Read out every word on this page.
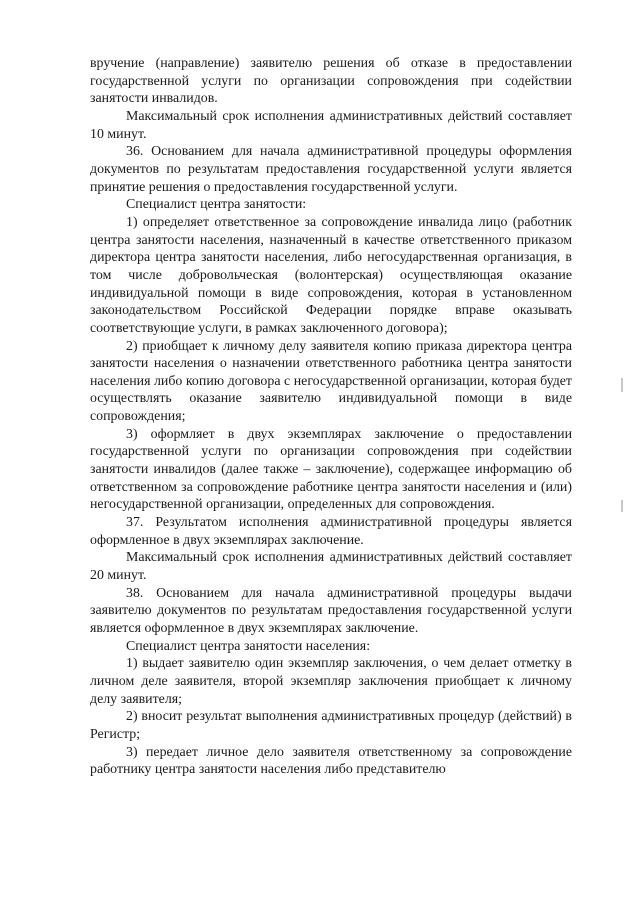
вручение (направление) заявителю решения об отказе в предоставлении государственной услуги по организации сопровождения при содействии занятости инвалидов.

Максимальный срок исполнения административных действий составляет 10 минут.

36. Основанием для начала административной процедуры оформления документов по результатам предоставления государственной услуги является принятие решения о предоставления государственной услуги.

Специалист центра занятости:

1) определяет ответственное за сопровождение инвалида лицо (работник центра занятости населения, назначенный в качестве ответственного приказом директора центра занятости населения, либо негосударственная организация, в том числе добровольческая (волонтерская) осуществляющая оказание индивидуальной помощи в виде сопровождения, которая в установленном законодательством Российской Федерации порядке вправе оказывать соответствующие услуги, в рамках заключенного договора);

2) приобщает к личному делу заявителя копию приказа директора центра занятости населения о назначении ответственного работника центра занятости населения либо копию договора с негосударственной организации, которая будет осуществлять оказание заявителю индивидуальной помощи в виде сопровождения;

3) оформляет в двух экземплярах заключение о предоставлении государственной услуги по организации сопровождения при содействии занятости инвалидов (далее также – заключение), содержащее информацию об ответственном за сопровождение работнике центра занятости населения и (или) негосударственной организации, определенных для сопровождения.

37. Результатом исполнения административной процедуры является оформленное в двух экземплярах заключение.

Максимальный срок исполнения административных действий составляет 20 минут.

38. Основанием для начала административной процедуры выдачи заявителю документов по результатам предоставления государственной услуги является оформленное в двух экземплярах заключение.

Специалист центра занятости населения:

1) выдает заявителю один экземпляр заключения, о чем делает отметку в личном деле заявителя, второй экземпляр заключения приобщает к личному делу заявителя;

2) вносит результат выполнения административных процедур (действий) в Регистр;

3) передает личное дело заявителя ответственному за сопровождение работнику центра занятости населения либо представителю
